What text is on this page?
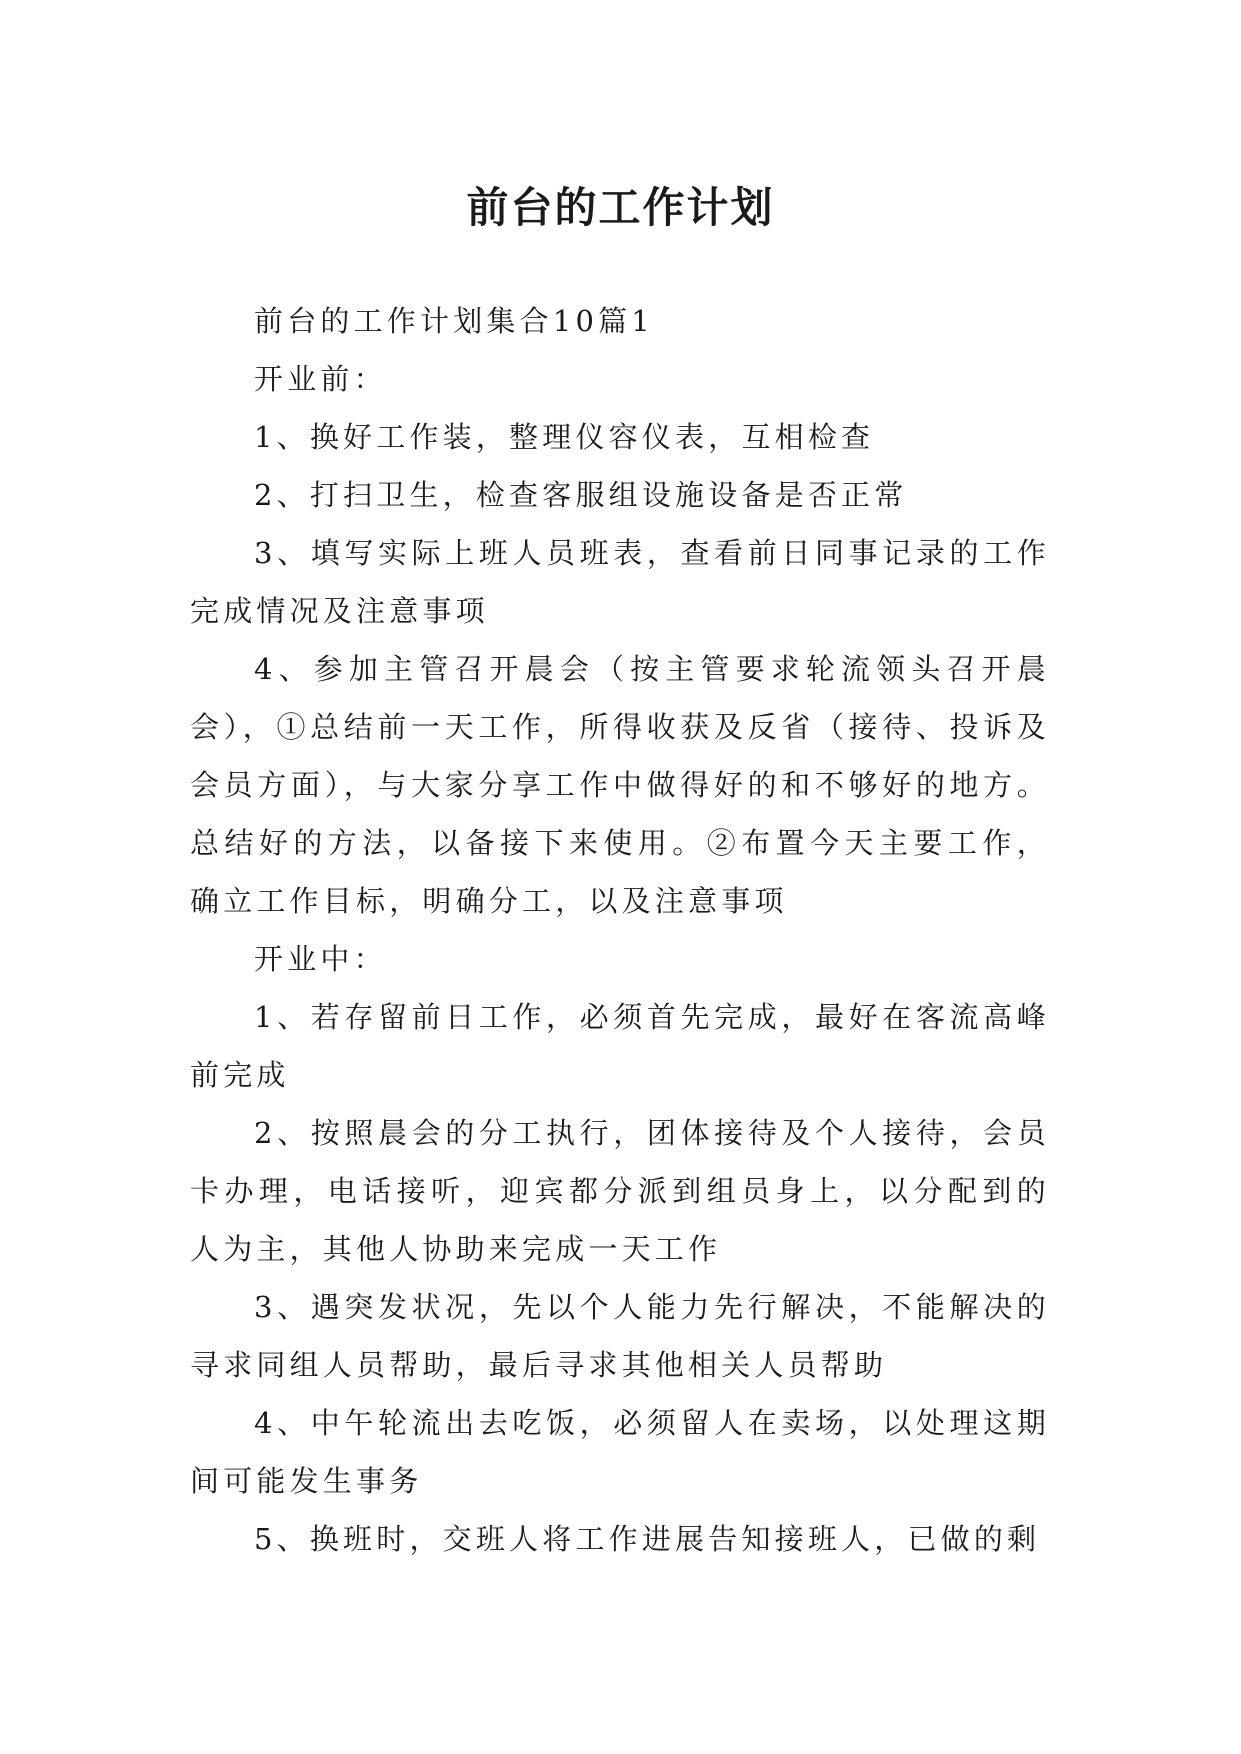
前台的工作计划

前台的工作计划集合10篇1

开业前：

1、换好工作装，整理仪容仪表，互相检查

2、打扫卫生，检查客服组设施设备是否正常

3、填写实际上班人员班表，查看前日同事记录的工作完成情况及注意事项

4、参加主管召开晨会（按主管要求轮流领头召开晨会），①总结前一天工作，所得收获及反省（接待、投诉及会员方面），与大家分享工作中做得好的和不够好的地方。总结好的方法，以备接下来使用。②布置今天主要工作，确立工作目标，明确分工，以及注意事项

开业中：

1、若存留前日工作，必须首先完成，最好在客流高峰前完成

2、按照晨会的分工执行，团体接待及个人接待，会员卡办理，电话接听，迎宾都分派到组员身上，以分配到的人为主，其他人协助来完成一天工作

3、遇突发状况，先以个人能力先行解决，不能解决的寻求同组人员帮助，最后寻求其他相关人员帮助

4、中午轮流出去吃饭，必须留人在卖场，以处理这期间可能发生事务

5、换班时，交班人将工作进展告知接班人，已做的剩
